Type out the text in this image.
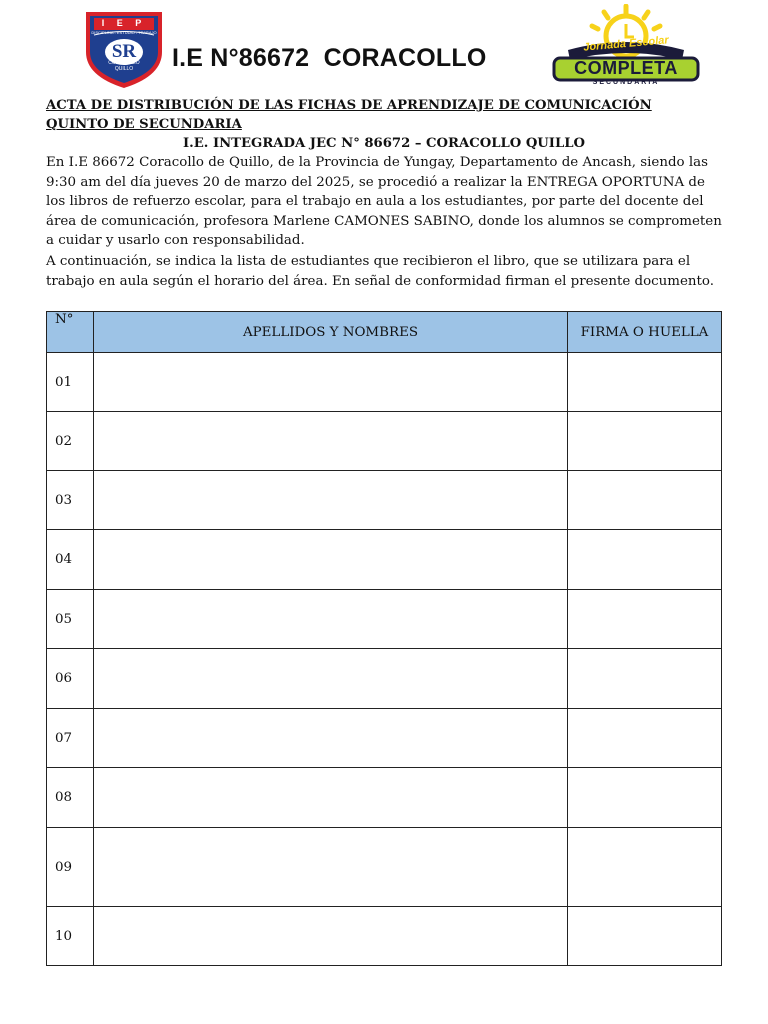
I E P
DISCIPLINA - ESTUDIO - TRABAJO
SR
CORACOLLO
QUILLO	I.E N°86672  CORACOLLO	Jornada Escolar
COMPLETA
SECUNDARIA
ACTA DE DISTRIBUCIÓN DE LAS FICHAS DE APRENDIZAJE DE COMUNICACIÓN QUINTO DE SECUNDARIA
I.E. INTEGRADA JEC N° 86672 – CORACOLLO QUILLO

En I.E 86672 Coracollo de Quillo, de la Provincia de Yungay, Departamento de Ancash, siendo las 9:30 am del día jueves 20 de marzo del 2025, se procedió a realizar la ENTREGA OPORTUNA de los libros de refuerzo escolar, para el trabajo en aula a los estudiantes, por parte del docente del área de comunicación, profesora Marlene CAMONES SABINO, donde los alumnos se comprometen a cuidar y usarlo con responsabilidad.

A continuación, se indica la lista de estudiantes que recibieron el libro, que se utilizara para el trabajo en aula según el horario del área. En señal de conformidad firman el presente documento.

N°	APELLIDOS Y NOMBRES	FIRMA O HUELLA
01		
02		
03		
04		
05		
06		
07		
08		
09		
10		
